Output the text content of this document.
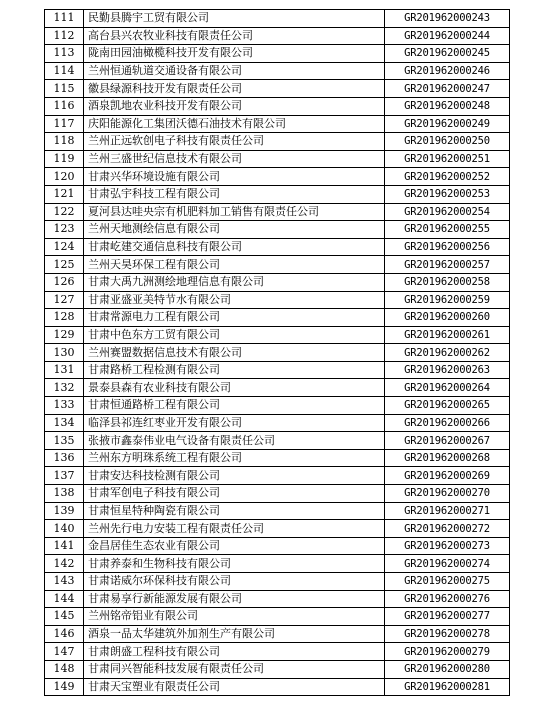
111	民勤县腾宇工贸有限公司	GR201962000243
112	高台县兴农牧业科技有限责任公司	GR201962000244
113	陇南田园油橄榄科技开发有限公司	GR201962000245
114	兰州恒通轨道交通设备有限公司	GR201962000246
115	徽县绿源科技开发有限责任公司	GR201962000247
116	酒泉凯地农业科技开发有限公司	GR201962000248
117	庆阳能源化工集团沃德石油技术有限公司	GR201962000249
118	兰州正远软创电子科技有限责任公司	GR201962000250
119	兰州三盛世纪信息技术有限公司	GR201962000251
120	甘肃兴华环境设施有限公司	GR201962000252
121	甘肃弘宇科技工程有限公司	GR201962000253
122	夏河县达哇央宗有机肥料加工销售有限责任公司	GR201962000254
123	兰州天地测绘信息有限公司	GR201962000255
124	甘肃屹建交通信息科技有限公司	GR201962000256
125	兰州天昊环保工程有限公司	GR201962000257
126	甘肃大禹九洲测绘地理信息有限公司	GR201962000258
127	甘肃亚盛亚美特节水有限公司	GR201962000259
128	甘肃常源电力工程有限公司	GR201962000260
129	甘肃中色东方工贸有限公司	GR201962000261
130	兰州赛盟数据信息技术有限公司	GR201962000262
131	甘肃路桥工程检测有限公司	GR201962000263
132	景泰县森有农业科技有限公司	GR201962000264
133	甘肃恒通路桥工程有限公司	GR201962000265
134	临泽县祁连红枣业开发有限公司	GR201962000266
135	张掖市鑫泰伟业电气设备有限责任公司	GR201962000267
136	兰州东方明珠系统工程有限公司	GR201962000268
137	甘肃安达科技检测有限公司	GR201962000269
138	甘肃军创电子科技有限公司	GR201962000270
139	甘肃恒星特种陶瓷有限公司	GR201962000271
140	兰州先行电力安装工程有限责任公司	GR201962000272
141	金昌居佳生态农业有限公司	GR201962000273
142	甘肃养泰和生物科技有限公司	GR201962000274
143	甘肃诺威尔环保科技有限公司	GR201962000275
144	甘肃易享行新能源发展有限公司	GR201962000276
145	兰州铭帝铝业有限公司	GR201962000277
146	酒泉一品太华建筑外加剂生产有限公司	GR201962000278
147	甘肃朗盛工程科技有限公司	GR201962000279
148	甘肃同兴智能科技发展有限责任公司	GR201962000280
149	甘肃天宝塑业有限责任公司	GR201962000281
